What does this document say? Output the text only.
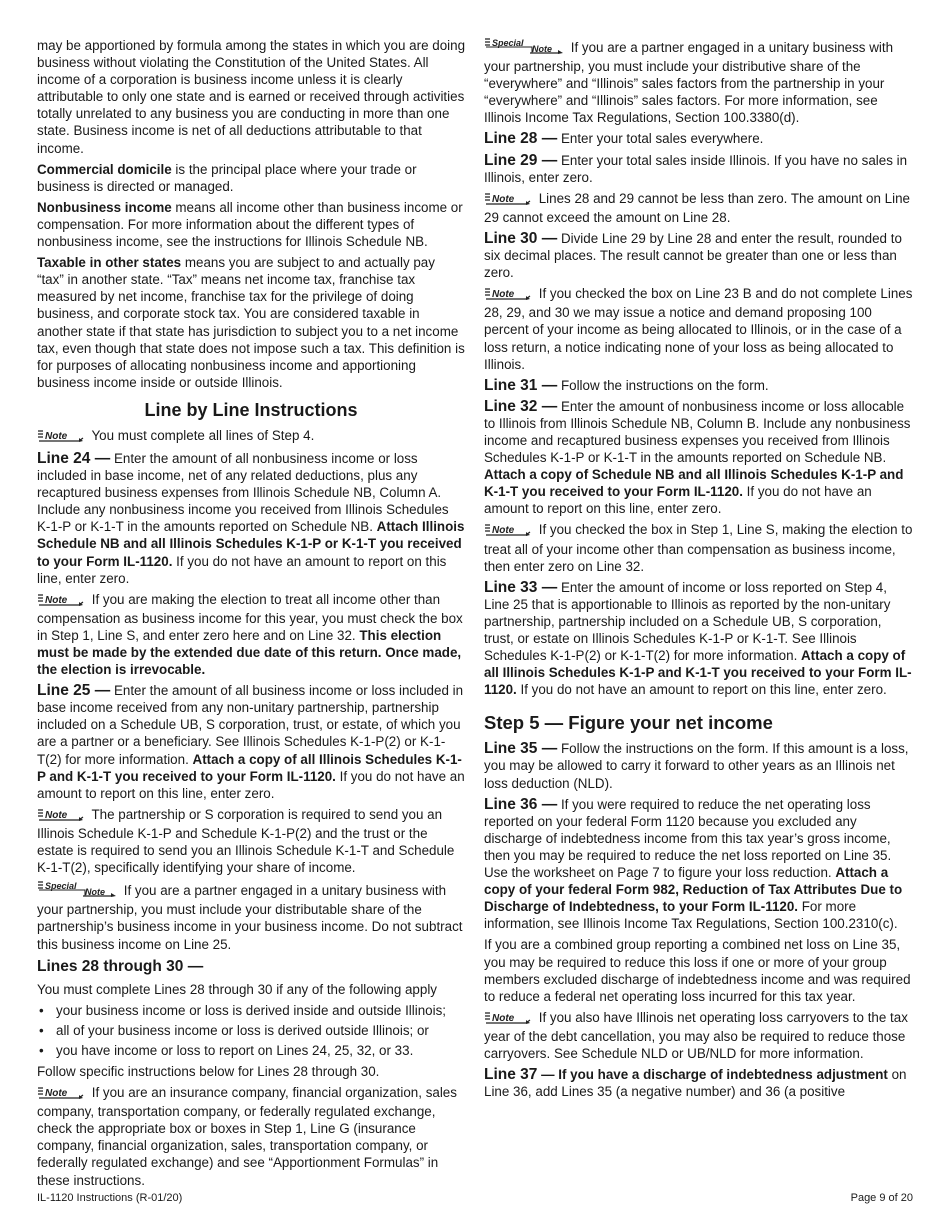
may be apportioned by formula among the states in which you are doing business without violating the Constitution of the United States. All income of a corporation is business income unless it is clearly attributable to only one state and is earned or received through activities totally unrelated to any business you are conducting in more than one state. Business income is net of all deductions attributable to that income.

Commercial domicile is the principal place where your trade or business is directed or managed.

Nonbusiness income means all income other than business income or compensation. For more information about the different types of nonbusiness income, see the instructions for Illinois Schedule NB.

Taxable in other states means you are subject to and actually pay “tax” in another state. “Tax” means net income tax, franchise tax measured by net income, franchise tax for the privilege of doing business, and corporate stock tax. You are considered taxable in another state if that state has jurisdiction to subject you to a net income tax, even though that state does not impose such a tax. This definition is for purposes of allocating nonbusiness income and apportioning business income inside or outside Illinois.

Line by Line Instructions

Note You must complete all lines of Step 4.

Line 24 — Enter the amount of all nonbusiness income or loss included in base income, net of any related deductions, plus any recaptured business expenses from Illinois Schedule NB, Column A. Include any nonbusiness income you received from Illinois Schedules K-1-P or K-1-T in the amounts reported on Schedule NB. Attach Illinois Schedule NB and all Illinois Schedules K-1-P or K-1-T you received to your Form IL-1120. If you do not have an amount to report on this line, enter zero.

Note If you are making the election to treat all income other than compensation as business income for this year, you must check the box in Step 1, Line S, and enter zero here and on Line 32. This election must be made by the extended due date of this return. Once made, the election is irrevocable.

Line 25 — Enter the amount of all business income or loss included in base income received from any non-unitary partnership, partnership included on a Schedule UB, S corporation, trust, or estate, of which you are a partner or a beneficiary. See Illinois Schedules K-1-P(2) or K-1-T(2) for more information. Attach a copy of all Illinois Schedules K-1-P and K-1-T you received to your Form IL-1120. If you do not have an amount to report on this line, enter zero.

Note The partnership or S corporation is required to send you an Illinois Schedule K-1-P and Schedule K-1-P(2) and the trust or the estate is required to send you an Illinois Schedule K-1-T and Schedule K-1-T(2), specifically identifying your share of income.

Special
Note If you are a partner engaged in a unitary business with your partnership, you must include your distributable share of the partnership’s business income in your business income. Do not subtract this business income on Line 25.

Lines 28 through 30 —

You must complete Lines 28 through 30 if any of the following apply

• your business income or loss is derived inside and outside Illinois;
• all of your business income or loss is derived outside Illinois; or
• you have income or loss to report on Lines 24, 25, 32, or 33.

Follow specific instructions below for Lines 28 through 30.

Note If you are an insurance company, financial organization, sales company, transportation company, or federally regulated exchange, check the appropriate box or boxes in Step 1, Line G (insurance company, financial organization, sales, transportation company, or federally regulated exchange) and see “Apportionment Formulas” in these instructions.

Special
Note If you are a partner engaged in a unitary business with your partnership, you must include your distributive share of the “everywhere” and “Illinois” sales factors from the partnership in your “everywhere” and “Illinois” sales factors. For more information, see Illinois Income Tax Regulations, Section 100.3380(d).

Line 28 — Enter your total sales everywhere.

Line 29 — Enter your total sales inside Illinois. If you have no sales in Illinois, enter zero.

Note Lines 28 and 29 cannot be less than zero. The amount on Line 29 cannot exceed the amount on Line 28.

Line 30 — Divide Line 29 by Line 28 and enter the result, rounded to six decimal places. The result cannot be greater than one or less than zero.

Note If you checked the box on Line 23 B and do not complete Lines 28, 29, and 30 we may issue a notice and demand proposing 100 percent of your income as being allocated to Illinois, or in the case of a loss return, a notice indicating none of your loss as being allocated to Illinois.

Line 31 — Follow the instructions on the form.

Line 32 — Enter the amount of nonbusiness income or loss allocable to Illinois from Illinois Schedule NB, Column B. Include any nonbusiness income and recaptured business expenses you received from Illinois Schedules K-1-P or K-1-T in the amounts reported on Schedule NB. Attach a copy of Schedule NB and all Illinois Schedules K-1-P and K-1-T you received to your Form IL-1120. If you do not have an amount to report on this line, enter zero.

Note If you checked the box in Step 1, Line S, making the election to treat all of your income other than compensation as business income, then enter zero on Line 32.

Line 33 — Enter the amount of income or loss reported on Step 4, Line 25 that is apportionable to Illinois as reported by the non-unitary partnership, partnership included on a Schedule UB, S corporation, trust, or estate on Illinois Schedules K-1-P or K-1-T. See Illinois Schedules K-1-P(2) or K-1-T(2) for more information. Attach a copy of all Illinois Schedules K-1-P and K-1-T you received to your Form IL-1120. If you do not have an amount to report on this line, enter zero.

Step 5 — Figure your net income

Line 35 — Follow the instructions on the form. If this amount is a loss, you may be allowed to carry it forward to other years as an Illinois net loss deduction (NLD).

Line 36 — If you were required to reduce the net operating loss reported on your federal Form 1120 because you excluded any discharge of indebtedness income from this tax year’s gross income, then you may be required to reduce the net loss reported on Line 35. Use the worksheet on Page 7 to figure your loss reduction. Attach a copy of your federal Form 982, Reduction of Tax Attributes Due to Discharge of Indebtedness, to your Form IL-1120. For more information, see Illinois Income Tax Regulations, Section 100.2310(c).

If you are a combined group reporting a combined net loss on Line 35, you may be required to reduce this loss if one or more of your group members excluded discharge of indebtedness income and was required to reduce a federal net operating loss incurred for this tax year.

Note If you also have Illinois net operating loss carryovers to the tax year of the debt cancellation, you may also be required to reduce those carryovers. See Schedule NLD or UB/NLD for more information.

Line 37 — If you have a discharge of indebtedness adjustment on Line 36, add Lines 35 (a negative number) and 36 (a positive

IL-1120 Instructions (R-01/20)	Page 9 of 20
